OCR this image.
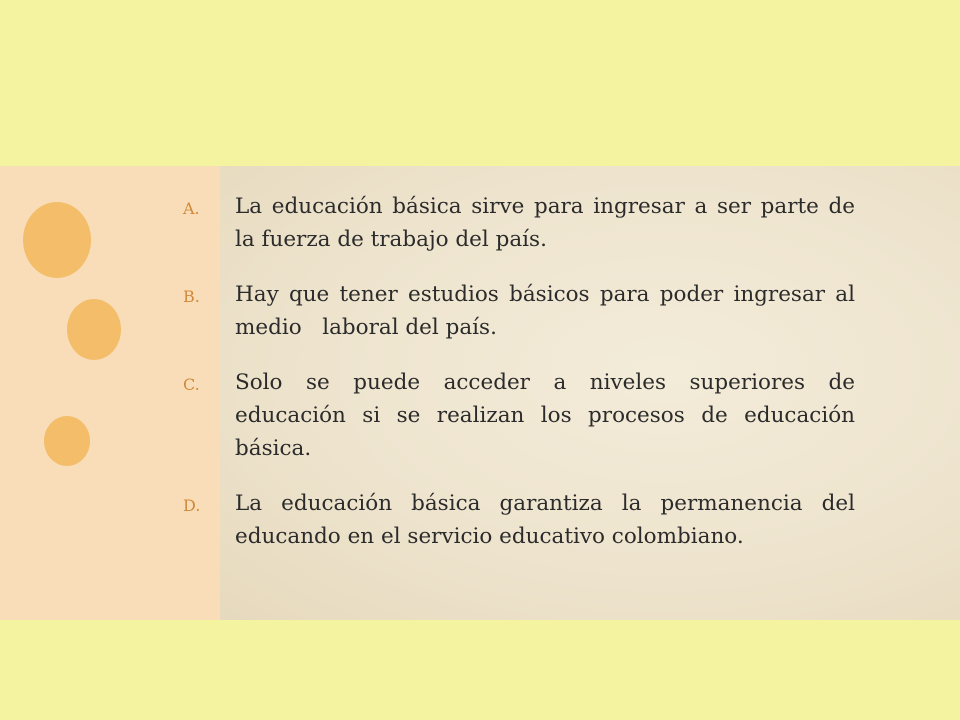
A. La educación básica sirve para ingresar a ser parte de la fuerza de trabajo del país.
B. Hay que tener estudios básicos para poder ingresar al medio   laboral del país.
C. Solo se puede acceder a niveles superiores de educación si se realizan los procesos de educación básica.
D. La educación básica garantiza la permanencia del educando en el servicio educativo colombiano.
